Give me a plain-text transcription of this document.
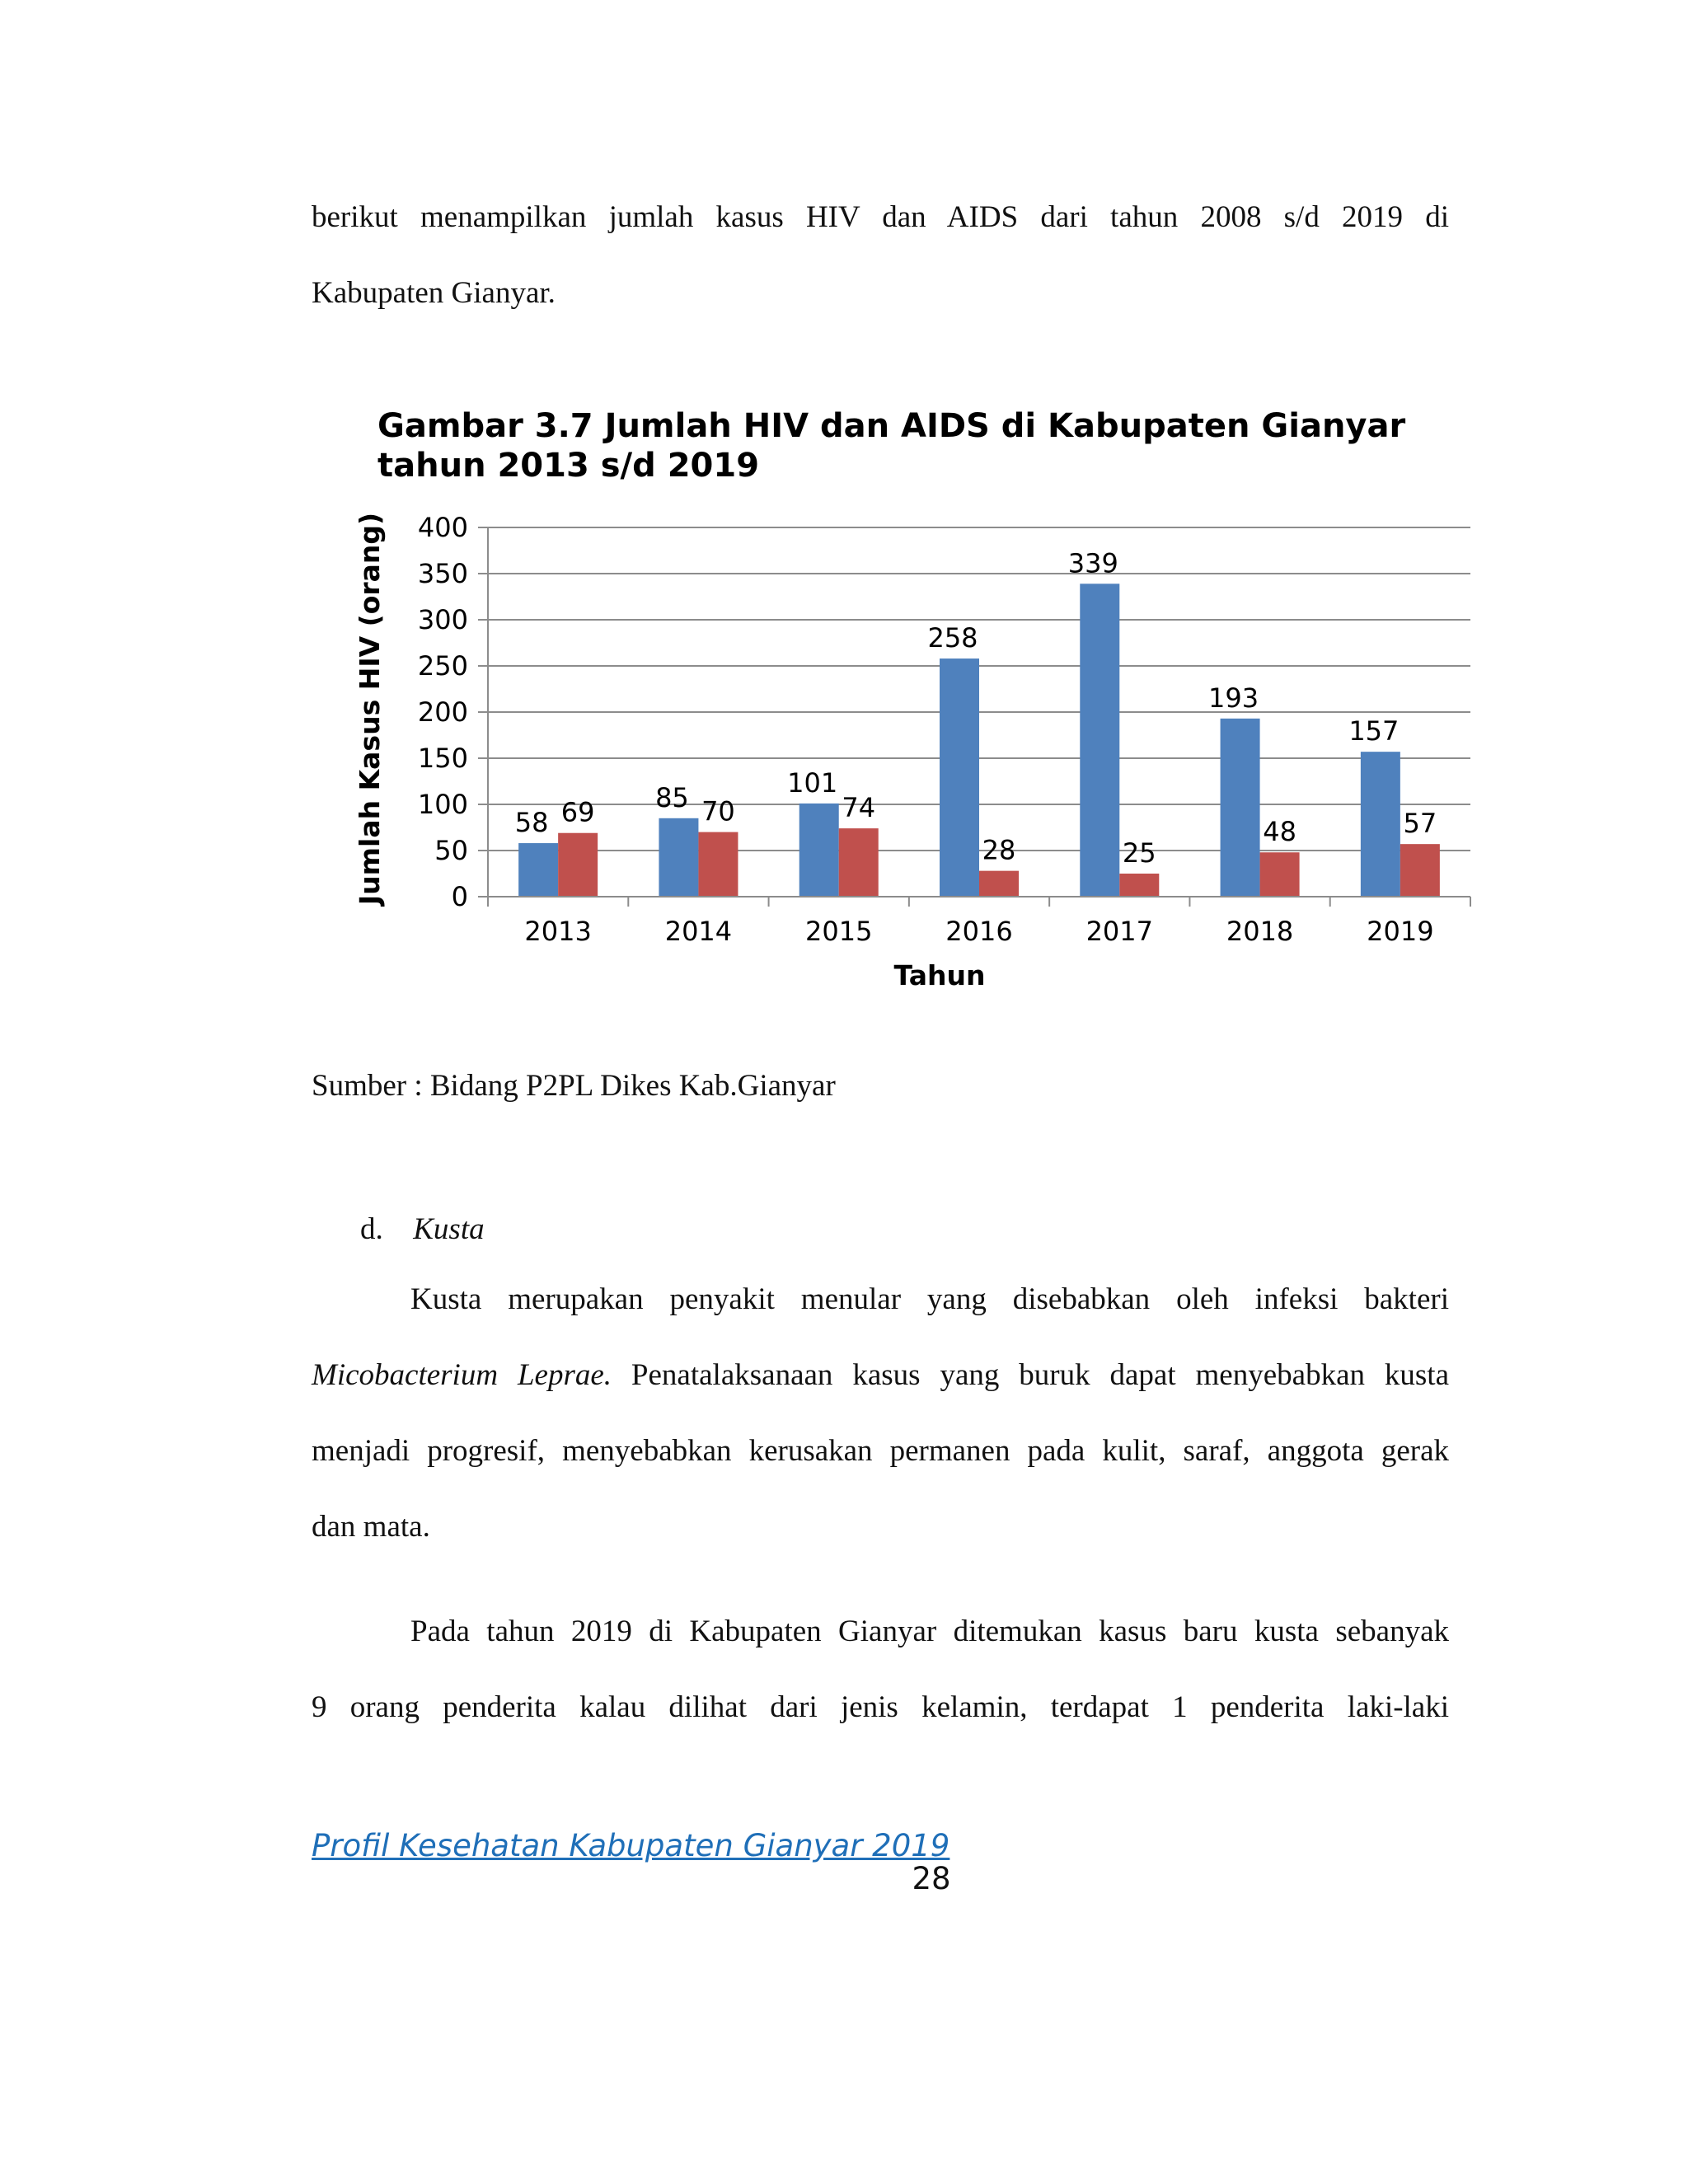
berikut menampilkan jumlah kasus HIV dan AIDS dari tahun 2008 s/d 2019 di
Kabupaten Gianyar.
Gambar 3.7 Jumlah HIV dan AIDS di Kabupaten Gianyar
tahun 2013 s/d 2019
Jumlah Kasus HIV (orang)
Tahun
0
50
100
150
200
250
300
350
400
58 69 85 70
101
74
258
28
339
25
193
48
157
57
2013	2014	2015	2016	2017	2018	2019
Sumber : Bidang P2PL Dikes Kab.Gianyar
d. Kusta
Kusta merupakan penyakit menular yang disebabkan oleh infeksi bakteri
Micobacterium Leprae. Penatalaksanaan kasus yang buruk dapat menyebabkan kusta
menjadi progresif, menyebabkan kerusakan permanen pada kulit, saraf, anggota gerak
dan mata.
Pada tahun 2019 di Kabupaten Gianyar ditemukan kasus baru kusta sebanyak
9 orang penderita kalau dilihat dari jenis kelamin, terdapat 1 penderita laki-laki
Profil Kesehatan Kabupaten Gianyar 2019
28
